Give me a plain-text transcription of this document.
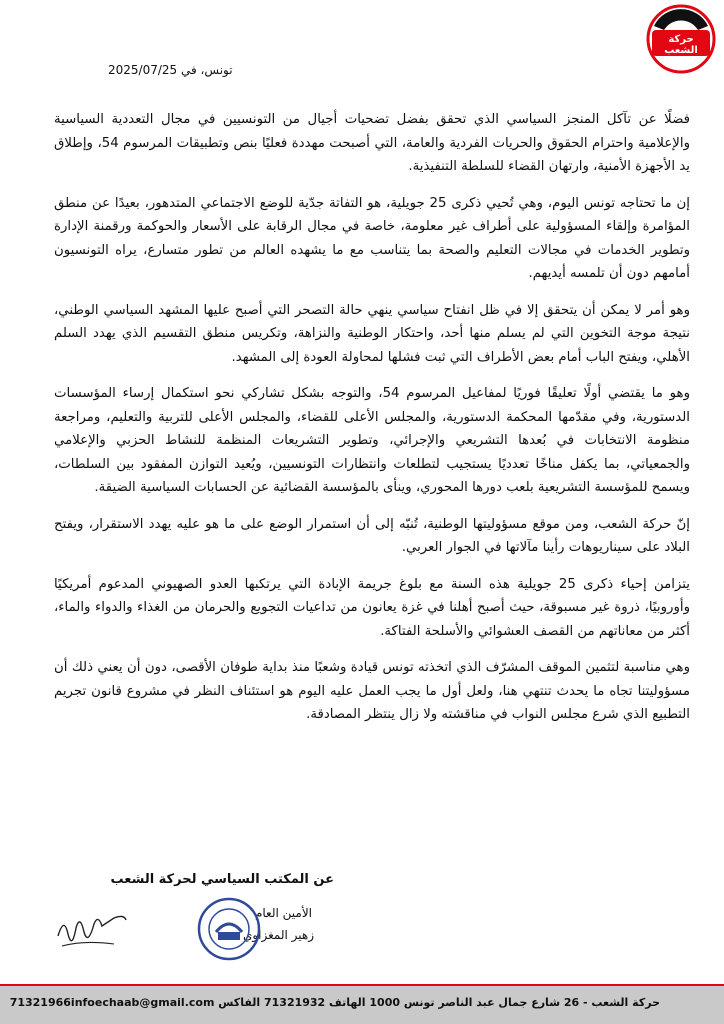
حركة
الشعب
تونس، في 2025/07/25

فضلًا عن تآكل المنجز السياسي الذي تحقق بفضل تضحيات أجيال من التونسيين في مجال التعددية السياسية والإعلامية واحترام الحقوق والحريات الفردية والعامة، التي أصبحت مهددة فعليًا بنص وتطبيقات المرسوم 54، وإطلاق يد الأجهزة الأمنية، وارتهان القضاء للسلطة التنفيذية.

إن ما تحتاجه تونس اليوم، وهي تُحيي ذكرى 25 جويلية، هو التفاتة جدّية للوضع الاجتماعي المتدهور، بعيدًا عن منطق المؤامرة وإلقاء المسؤولية على أطراف غير معلومة، خاصة في مجال الرقابة على الأسعار والحوكمة ورقمنة الإدارة وتطوير الخدمات في مجالات التعليم والصحة بما يتناسب مع ما يشهده العالم من تطور متسارع، يراه التونسيون أمامهم دون أن تلمسه أيديهم.

وهو أمر لا يمكن أن يتحقق إلا في ظل انفتاح سياسي ينهي حالة التصحر التي أصبح عليها المشهد السياسي الوطني، نتيجة موجة التخوين التي لم يسلم منها أحد، واحتكار الوطنية والنزاهة، وتكريس منطق التقسيم الذي يهدد السلم الأهلي، ويفتح الباب أمام بعض الأطراف التي ثبت فشلها لمحاولة العودة إلى المشهد.

وهو ما يقتضي أولًا تعليقًا فوريًا لمفاعيل المرسوم 54، والتوجه بشكل تشاركي نحو استكمال إرساء المؤسسات الدستورية، وفي مقدّمها المحكمة الدستورية، والمجلس الأعلى للقضاء، والمجلس الأعلى للتربية والتعليم، ومراجعة منظومة الانتخابات في بُعدها التشريعي والإجرائي، وتطوير التشريعات المنظمة للنشاط الحزبي والإعلامي والجمعياتي، بما يكفل مناخًا تعدديًا يستجيب لتطلعات وانتظارات التونسيين، ويُعيد التوازن المفقود بين السلطات، ويسمح للمؤسسة التشريعية بلعب دورها المحوري، وينأى بالمؤسسة القضائية عن الحسابات السياسية الضيقة.

إنّ حركة الشعب، ومن موقع مسؤوليتها الوطنية، تُنبّه إلى أن استمرار الوضع على ما هو عليه يهدد الاستقرار، ويفتح البلاد على سيناريوهات رأينا مآلاتها في الجوار العربي.

يتزامن إحياء ذكرى 25 جويلية هذه السنة مع بلوغ جريمة الإبادة التي يرتكبها العدو الصهيوني المدعوم أمريكيًا وأوروبيًا، ذروة غير مسبوقة، حيث أصبح أهلنا في غزة يعانون من تداعيات التجويع والحرمان من الغذاء والدواء والماء، أكثر من معاناتهم من القصف العشوائي والأسلحة الفتاكة.

وهي مناسبة لتثمين الموقف المشرّف الذي اتخذته تونس قيادة وشعبًا منذ بداية طوفان الأقصى، دون أن يعني ذلك أن مسؤوليتنا تجاه ما يحدث تنتهي هنا، ولعل أول ما يجب العمل عليه اليوم هو استئناف النظر في مشروع قانون تجريم التطبيع الذي شرع مجلس النواب في مناقشته ولا زال ينتظر المصادقة.

عن المكتب السياسي لحركة الشعب
الأمين العام
زهير المغزاوي
حركة الشعب - 26 شارع جمال عبد الناصر تونس 1000 الهاتف 71321932 الفاكس 71321966infoechaab@gmail.com
